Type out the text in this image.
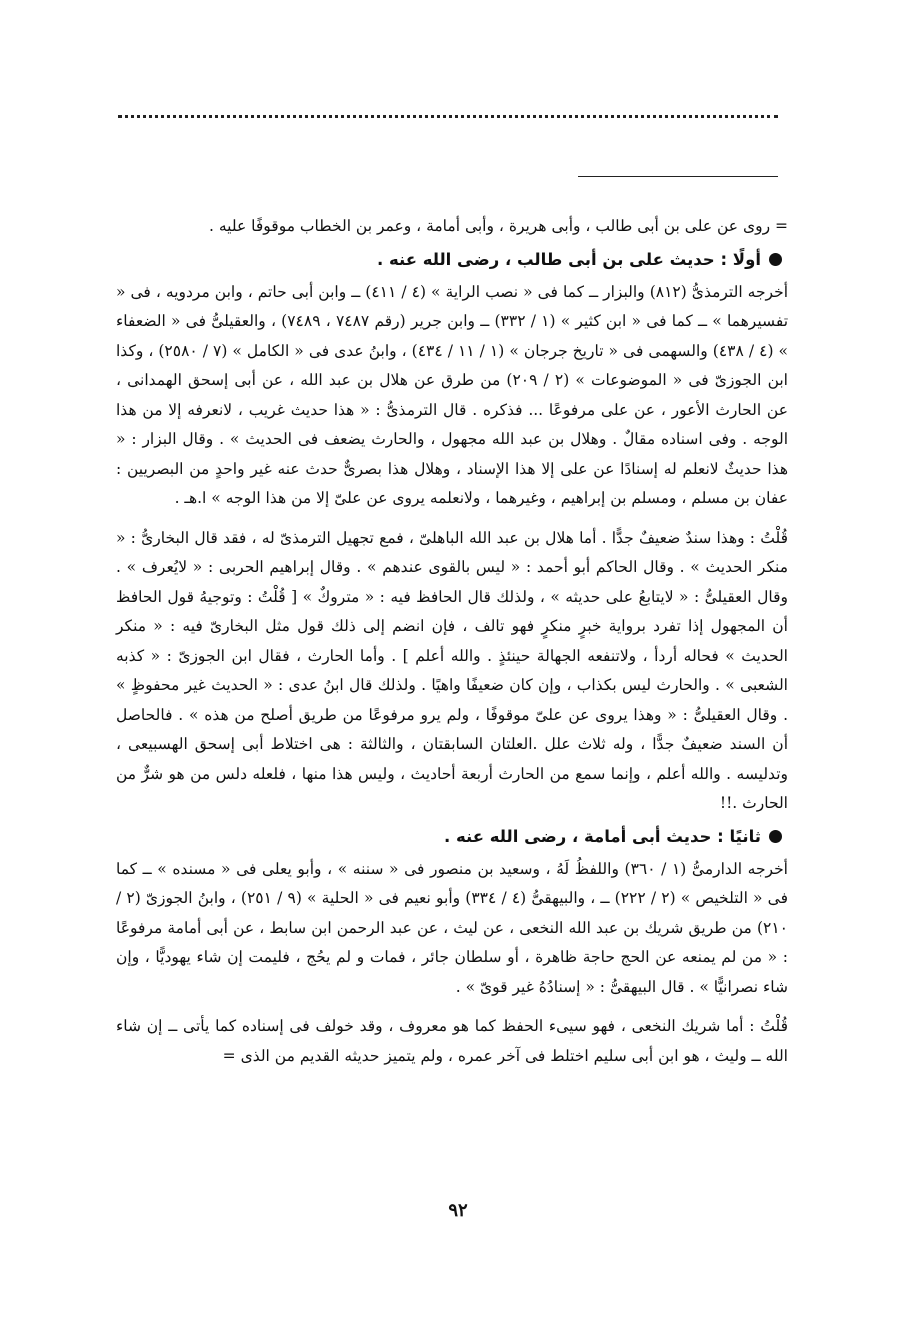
= روى عن على بن أبى طالب ، وأبى هريرة ، وأبى أمامة ، وعمر بن الخطاب موقوفًا عليه .

أولًا : حديث على بن أبى طالب ، رضى الله عنه .

أخرجه الترمذىُّ (٨١٢) والبزار ــ كما فى « نصب الراية » (٤ / ٤١١) ــ وابن أبى حاتم ، وابن مردويه ، فى « تفسيرهما » ــ كما فى « ابن كثير » (١ / ٣٣٢) ــ وابن جرير (رقم ٧٤٨٧ ، ٧٤٨٩) ، والعقيلىُّ فى « الضعفاء » (٤ / ٤٣٨) والسهمى فى « تاريخ جرجان » (١ / ١١ / ٤٣٤) ، وابنُ عدى فى « الكامل » (٧ / ٢٥٨٠) ، وكذا ابن الجوزىّ فى « الموضوعات » (٢ / ٢٠٩) من طرق عن هلال بن عبد الله ، عن أبى إسحق الهمدانى ، عن الحارث الأعور ، عن على مرفوعًا ... فذكره . قال الترمذىُّ : « هذا حديث غريب ، لانعرفه إلا من هذا الوجه . وفى اسناده مقالٌ . وهلال بن عبد الله مجهول ، والحارث يضعف فى الحديث » . وقال البزار : « هذا حديثٌ لانعلم له إسنادًا عن على إلا هذا الإسناد ، وهلال هذا بصرىٌّ حدث عنه غير واحدٍ من البصريين : عفان بن مسلم ، ومسلم بن إبراهيم ، وغيرهما ، ولانعلمه يروى عن علىّ إلا من هذا الوجه » ا.هـ .

قُلْتُ : وهذا سندٌ ضعيفٌ جدًّا . أما هلال بن عبد الله الباهلىّ ، فمع تجهيل الترمذىّ له ، فقد قال البخارىُّ : « منكر الحديث » . وقال الحاكم أبو أحمد : « ليس بالقوى عندهم » . وقال إبراهيم الحربى : « لايُعرف » . وقال العقيلىُّ : « لايتابعُ على حديثه » ، ولذلك قال الحافظ فيه : « متروكٌ » [ قُلْتُ : وتوجيهُ قول الحافظ أن المجهول إذا تفرد برواية خبرٍ منكرٍ فهو تالف ، فإن انضم إلى ذلك قول مثل البخارىّ فيه : « منكر الحديث » فحاله أردأ ، ولاتنفعه الجهالة حينئذٍ . والله أعلم ] . وأما الحارث ، فقال ابن الجوزىّ : « كذبه الشعبى » . والحارث ليس بكذاب ، وإن كان ضعيفًا واهيًا . ولذلك قال ابنُ عدى : « الحديث غير محفوظٍ » . وقال العقيلىُّ : « وهذا يروى عن علىّ موقوفًا ، ولم يرو مرفوعًا من طريق أصلح من هذه » . فالحاصل أن السند ضعيفٌ جدًّا ، وله ثلاث علل .العلتان السابقتان ، والثالثة : هى اختلاط أبى إسحق الهسبيعى ، وتدليسه . والله أعلم ، وإنما سمع من الحارث أربعة أحاديث ، وليس هذا منها ، فلعله دلس من هو شرٌّ من الحارث .!!

ثانيًا : حديث أبى أمامة ، رضى الله عنه .

أخرجه الدارمىُّ (١ / ٣٦٠) واللفظُ لَهُ ، وسعيد بن منصور فى « سننه » ، وأبو يعلى فى « مسنده » ــ كما فى « التلخيص » (٢ / ٢٢٢) ــ ، والبيهقىُّ (٤ / ٣٣٤) وأبو نعيم فى « الحلية » (٩ / ٢٥١) ، وابنُ الجوزىّ (٢ / ٢١٠) من طريق شريك بن عبد الله النخعى ، عن ليث ، عن عبد الرحمن ابن سابط ، عن أبى أمامة مرفوعًا : « من لم يمنعه عن الحج حاجة ظاهرة ، أو سلطان جائر ، فمات و لم يحُج ، فليمت إن شاء يهوديًّا ، وإن شاء نصرانيًّا » . قال البيهقىُّ : « إسنادُهُ غير قوىّ » .

قُلْتُ : أما شريك النخعى ، فهو سيىء الحفظ كما هو معروف ، وقد خولف فى إسناده كما يأتى ــ إن شاء الله ــ وليث ، هو ابن أبى سليم اختلط فى آخر عمره ، ولم يتميز حديثه القديم من الذى =

٩٢
